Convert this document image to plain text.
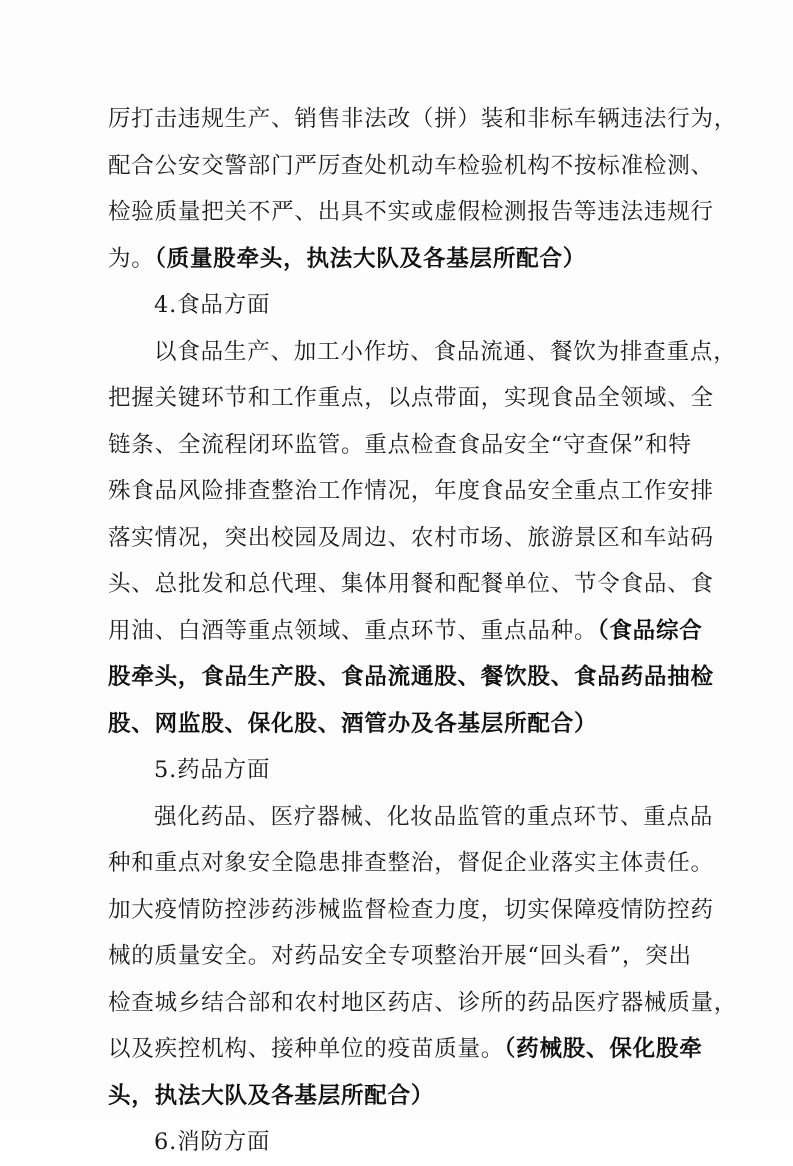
厉打击违规生产、销售非法改（拼）装和非标车辆违法行为，
配合公安交警部门严厉查处机动车检验机构不按标准检测、
检验质量把关不严、出具不实或虚假检测报告等违法违规行
为。（质量股牵头，执法大队及各基层所配合）
4.食品方面
以食品生产、加工小作坊、食品流通、餐饮为排查重点，
把握关键环节和工作重点，以点带面，实现食品全领域、全
链条、全流程闭环监管。重点检查食品安全“守查保”和特
殊食品风险排查整治工作情况，年度食品安全重点工作安排
落实情况，突出校园及周边、农村市场、旅游景区和车站码
头、总批发和总代理、集体用餐和配餐单位、节令食品、食
用油、白酒等重点领域、重点环节、重点品种。（食品综合
股牵头，食品生产股、食品流通股、餐饮股、食品药品抽检
股、网监股、保化股、酒管办及各基层所配合）
5.药品方面
强化药品、医疗器械、化妆品监管的重点环节、重点品
种和重点对象安全隐患排查整治，督促企业落实主体责任。
加大疫情防控涉药涉械监督检查力度，切实保障疫情防控药
械的质量安全。对药品安全专项整治开展“回头看”，突出
检查城乡结合部和农村地区药店、诊所的药品医疗器械质量，
以及疾控机构、接种单位的疫苗质量。（药械股、保化股牵
头，执法大队及各基层所配合）
6.消防方面
